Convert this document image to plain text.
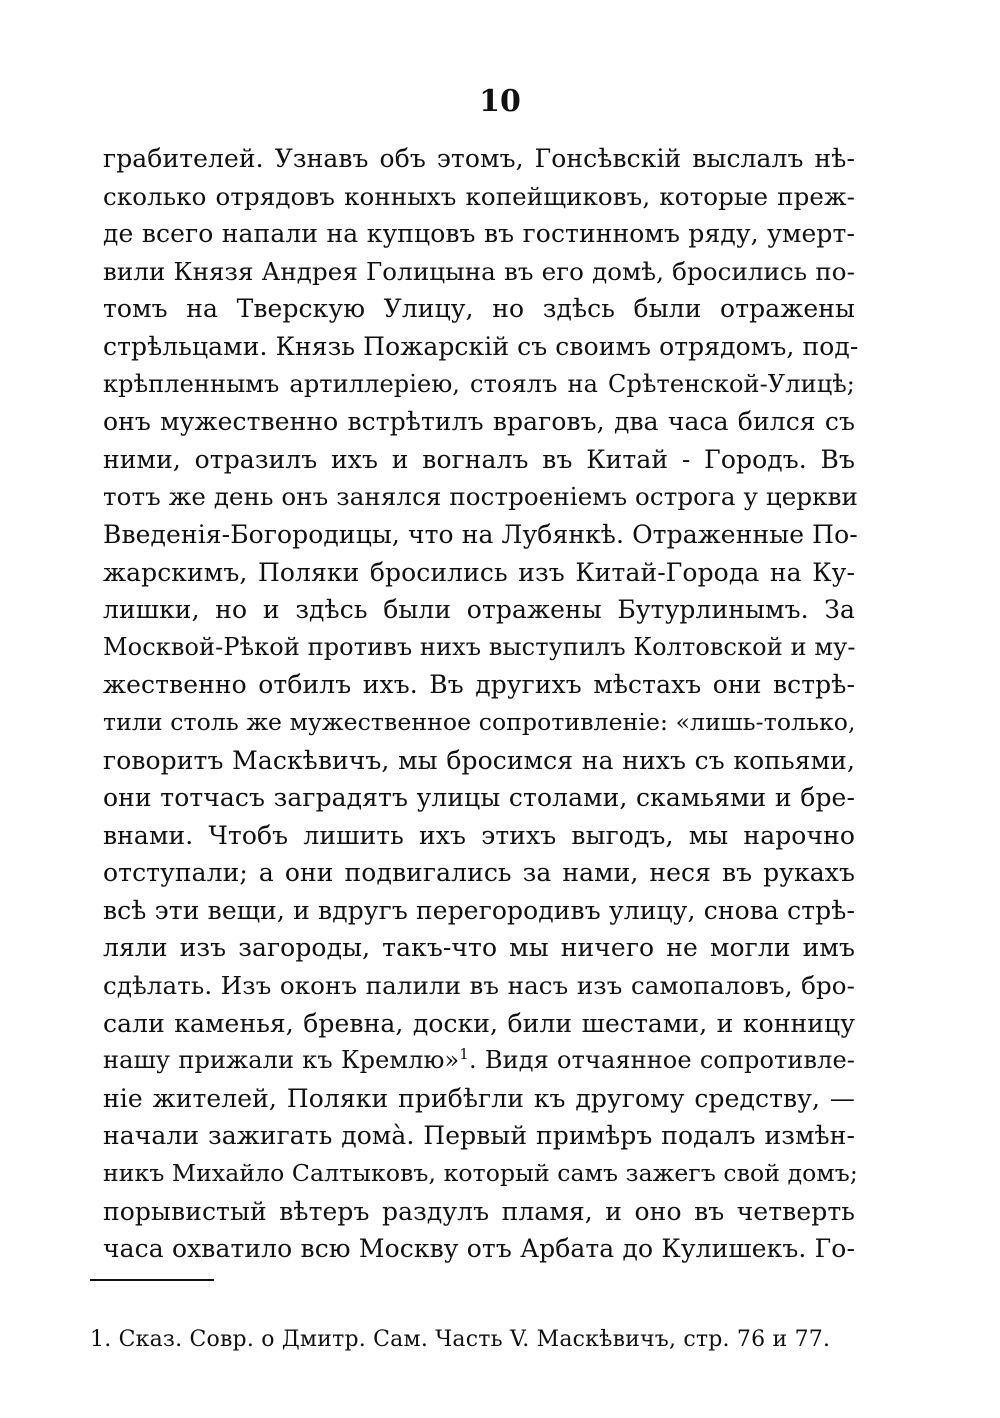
10
грабителей. Узнавъ объ этомъ, Гонсѣвскій выслалъ нѣ-
сколько отрядовъ конныхъ копейщиковъ, которые преж-
де всего напали на купцовъ въ гостинномъ ряду, умерт-
вили Князя Андрея Голицына въ его домѣ, бросились по-
томъ на Тверскую Улицу, но здѣсь были отражены
стрѣльцами. Князь Пожарскій съ своимъ отрядомъ, под-
крѣпленнымъ артиллеріею, стоялъ на Срѣтенской-Улицѣ;
онъ мужественно встрѣтилъ враговъ, два часа бился съ
ними, отразилъ ихъ и вогналъ въ Китай - Городъ. Въ
тотъ же день онъ занялся построеніемъ острога у церкви
Введенія-Богородицы, что на Лубянкѣ. Отраженные По-
жарскимъ, Поляки бросились изъ Китай-Города на Ку-
лишки, но и здѣсь были отражены Бутурлинымъ. За
Москвой-Рѣкой противъ нихъ выступилъ Колтовской и му-
жественно отбилъ ихъ. Въ другихъ мѣстахъ они встрѣ-
тили столь же мужественное сопротивленіе: «лишь-только,
говоритъ Маскѣвичъ, мы бросимся на нихъ съ копьями,
они тотчасъ заградятъ улицы столами, скамьями и бре-
внами. Чтобъ лишить ихъ этихъ выгодъ, мы нарочно
отступали; а они подвигались за нами, неся въ рукахъ
всѣ эти вещи, и вдругъ перегородивъ улицу, снова стрѣ-
ляли изъ загороды, такъ-что мы ничего не могли имъ
сдѣлать. Изъ оконъ палили въ насъ изъ самопаловъ, бро-
сали каменья, бревна, доски, били шестами, и конницу
нашу прижали къ Кремлю»$^1$. Видя отчаянное сопротивле-
ніе жителей, Поляки прибѣгли къ другому средству, —
начали зажигать домà. Первый примѣръ подалъ измѣн-
никъ Михайло Салтыковъ, который самъ зажегъ свой домъ;
порывистый вѣтеръ раздулъ пламя, и оно въ четверть
часа охватило всю Москву отъ Арбата до Кулишекъ. Го-
1. Сказ. Совр. о Дмитр. Сам. Часть V. Маскѣвичъ, стр. 76 и 77.
